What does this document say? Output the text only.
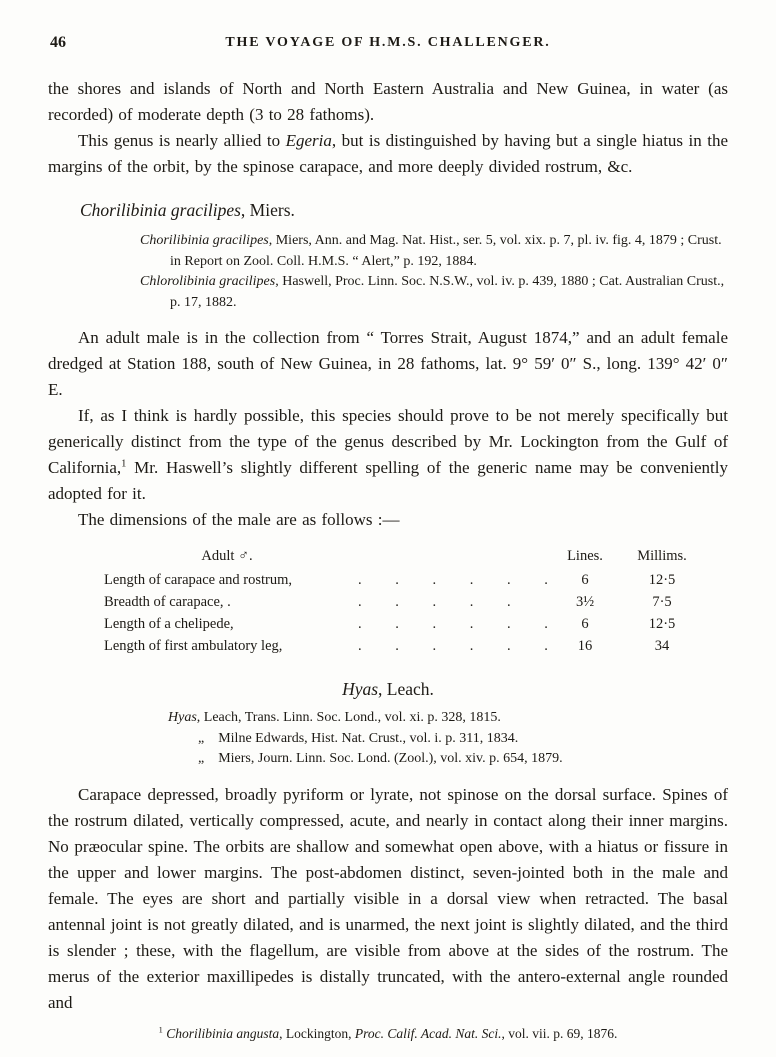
46	THE VOYAGE OF H.M.S. CHALLENGER.

the shores and islands of North and North Eastern Australia and New Guinea, in water (as recorded) of moderate depth (3 to 28 fathoms).

This genus is nearly allied to Egeria, but is distinguished by having but a single hiatus in the margins of the orbit, by the spinose carapace, and more deeply divided rostrum, &c.

Chorilibinia gracilipes, Miers.

Chorilibinia gracilipes, Miers, Ann. and Mag. Nat. Hist., ser. 5, vol. xix. p. 7, pl. iv. fig. 4, 1879 ; Crust. in Report on Zool. Coll. H.M.S. “ Alert,” p. 192, 1884.

Chlorolibinia gracilipes, Haswell, Proc. Linn. Soc. N.S.W., vol. iv. p. 439, 1880 ; Cat. Australian Crust., p. 17, 1882.

An adult male is in the collection from “ Torres Strait, August 1874,” and an adult female dredged at Station 188, south of New Guinea, in 28 fathoms, lat. 9° 59′ 0″ S., long. 139° 42′ 0″ E.

If, as I think is hardly possible, this species should prove to be not merely specifically but generically distinct from the type of the genus described by Mr. Lockington from the Gulf of California,$^1$ Mr. Haswell’s slightly different spelling of the generic name may be conveniently adopted for it.

The dimensions of the male are as follows :—

Adult ♂.	Lines.	Millims.
Length of carapace and rostrum,	. . . . . .	6	12·5
Breadth of carapace, .	. . . . .	3½	7·5
Length of a chelipede,	. . . . . .	6	12·5
Length of first ambulatory leg,	. . . . . .	16	34
Hyas, Leach.

Hyas, Leach, Trans. Linn. Soc. Lond., vol. xi. p. 328, 1815.

„ Milne Edwards, Hist. Nat. Crust., vol. i. p. 311, 1834.

„ Miers, Journ. Linn. Soc. Lond. (Zool.), vol. xiv. p. 654, 1879.

Carapace depressed, broadly pyriform or lyrate, not spinose on the dorsal surface. Spines of the rostrum dilated, vertically compressed, acute, and nearly in contact along their inner margins. No præocular spine. The orbits are shallow and somewhat open above, with a hiatus or fissure in the upper and lower margins. The post-abdomen distinct, seven-jointed both in the male and female. The eyes are short and partially visible in a dorsal view when retracted. The basal antennal joint is not greatly dilated, and is unarmed, the next joint is slightly dilated, and the third is slender ; these, with the flagellum, are visible from above at the sides of the rostrum. The merus of the exterior maxillipedes is distally truncated, with the antero-external angle rounded and

$^1$ Chorilibinia angusta, Lockington, Proc. Calif. Acad. Nat. Sci., vol. vii. p. 69, 1876.
